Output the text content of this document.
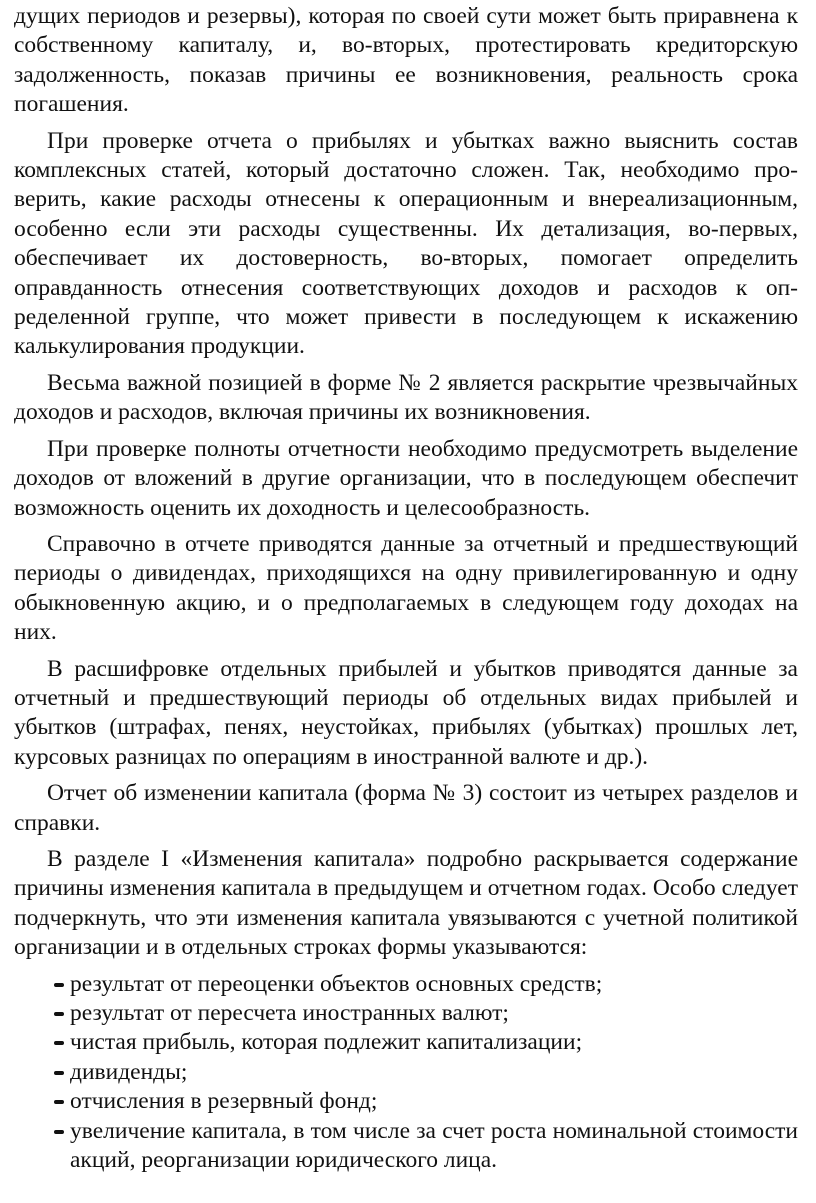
дущих периодов и резервы), которая по своей сути может быть приравнена к собственному капиталу, и, во-вторых, протестировать кредиторскую задолженность, показав причины ее возникновения, реальность срока погашения.

При проверке отчета о прибылях и убытках важно выяснить состав комплексных статей, который достаточно сложен. Так, необходимо проверить, какие расходы отнесены к операционным и внереализационным, особенно если эти расходы существенны. Их детализация, во-первых, обеспечивает их достоверность, во-вторых, помогает определить оправданность отнесения соответствующих доходов и расходов к определенной группе, что может привести в последующем к искажению калькулирования продукции.

Весьма важной позицией в форме № 2 является раскрытие чрезвычайных доходов и расходов, включая причины их возникновения.

При проверке полноты отчетности необходимо предусмотреть выделение доходов от вложений в другие организации, что в последующем обеспечит возможность оценить их доходность и целесообразность.

Справочно в отчете приводятся данные за отчетный и предшествующий периоды о дивидендах, приходящихся на одну привилегированную и одну обыкновенную акцию, и о предполагаемых в следующем году доходах на них.

В расшифровке отдельных прибылей и убытков приводятся данные за отчетный и предшествующий периоды об отдельных видах прибылей и убытков (штрафах, пенях, неустойках, прибылях (убытках) прошлых лет, курсовых разницах по операциям в иностранной валюте и др.).

Отчет об изменении капитала (форма № 3) состоит из четырех разделов и справки.

В разделе I «Изменения капитала» подробно раскрывается содержание причины изменения капитала в предыдущем и отчетном годах. Особо следует подчеркнуть, что эти изменения капитала увязываются с учетной политикой организации и в отдельных строках формы указываются:

результат от переоценки объектов основных средств;
результат от пересчета иностранных валют;
чистая прибыль, которая подлежит капитализации;
дивиденды;
отчисления в резервный фонд;
увеличение капитала, в том числе за счет роста номинальной стоимости акций, реорганизации юридического лица.
